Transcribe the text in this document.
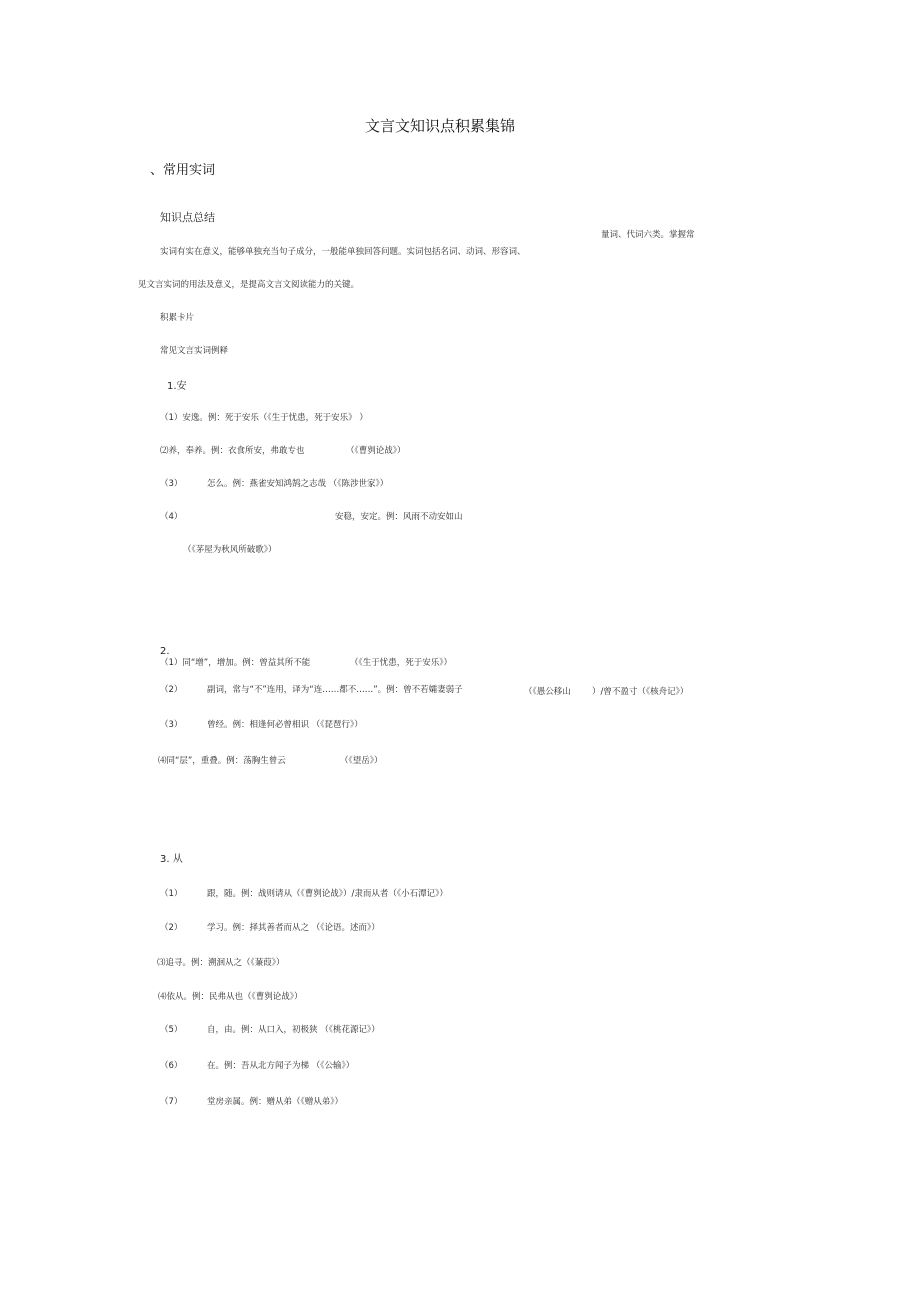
文言文知识点积累集锦
、常用实词
知识点总结
量词、代词六类。掌握常
实词有实在意义，能够单独充当句子成分，一般能单独回答问题。实词包括名词、动词、形容词、
见文言实词的用法及意义，是提高文言文阅读能力的关键。
积累卡片
常见文言实词例释
1.安
（1）安逸。例：死于安乐（《生于忧患，死于安乐》 ）
⑵养，奉养。例：衣食所安，弗敢专也	（《曹刿论战》）
（3）	怎么。例：燕雀安知鸿鹄之志哉 （《陈涉世家》）
（4）	安稳，安定。例：风雨不动安如山
（《茅屋为秋风所破歌》）
2.
（1）同“增”，增加。例：曾益其所不能	（《生于忧患，死于安乐》）
（2）	副词，常与“不”连用，译为“连……都不……”。例：曾不若孀妻弱子	（《愚公移山 ）/曾不盈寸（《核舟记》）
（3）	曾经。例：相逢何必曾相识 （《琵琶行》）
⑷同“层”，重叠。例：荡胸生曾云	（《望岳》）
3. 从
（1）	跟，随。例：战则请从（《曹刿论战》）/隶而从者（《小石潭记》）
（2）	学习。例：择其善者而从之 （《论语。述而》）
⑶追寻。例：溯洄从之（《蒹葭》）
⑷依从。例：民弗从也（《曹刿论战》）
（5）	自，由。例：从口入，初极狭 （《桃花源记》）
（6）	在。例：吾从北方闻子为梯 （《公输》）
（7）	堂房亲属。例：赠从弟（《赠从弟》）
